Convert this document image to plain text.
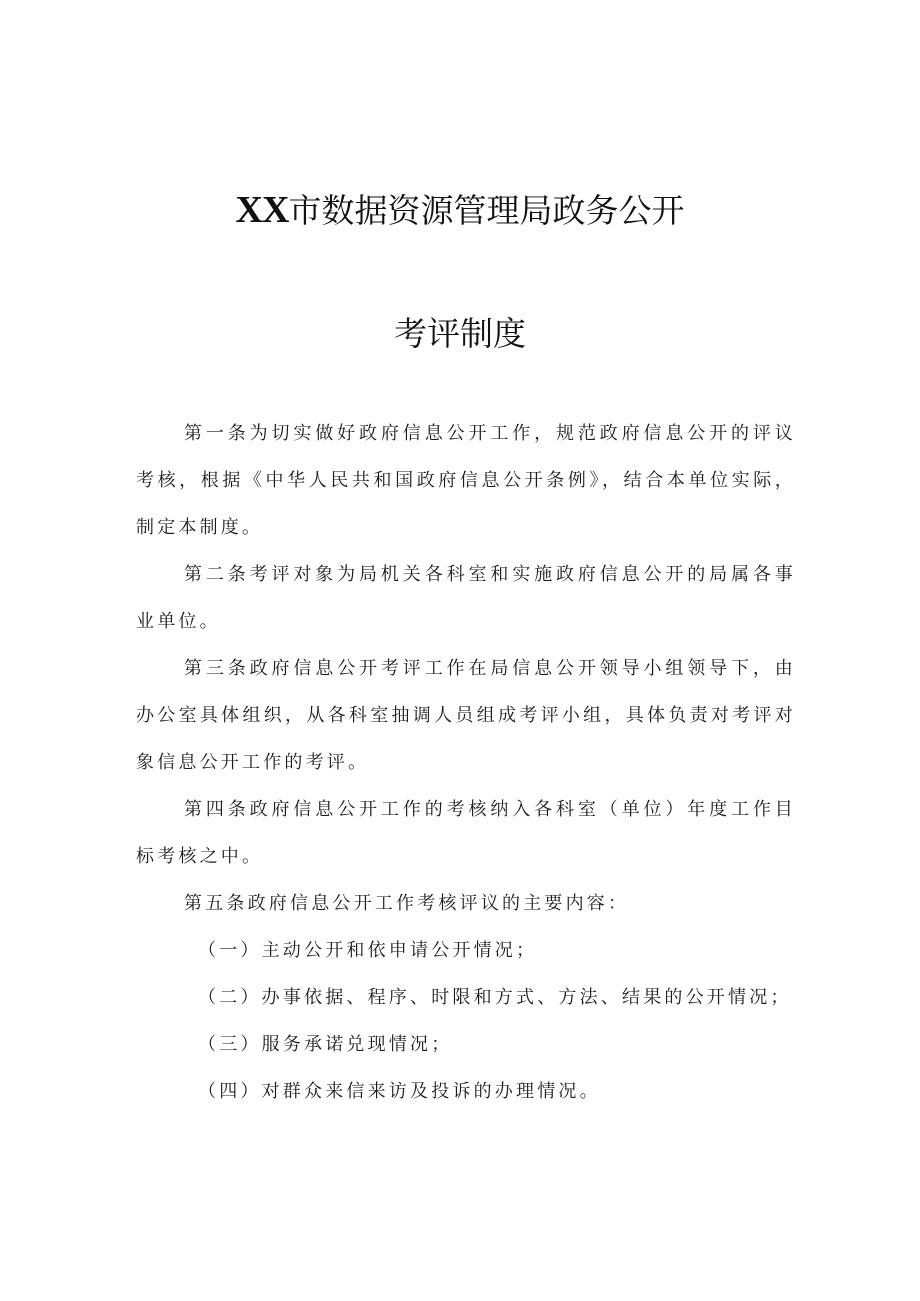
XX市数据资源管理局政务公开
考评制度

第一条为切实做好政府信息公开工作，规范政府信息公开的评议考核，根据《中华人民共和国政府信息公开条例》，结合本单位实际，制定本制度。

第二条考评对象为局机关各科室和实施政府信息公开的局属各事业单位。

第三条政府信息公开考评工作在局信息公开领导小组领导下，由办公室具体组织，从各科室抽调人员组成考评小组，具体负责对考评对象信息公开工作的考评。

第四条政府信息公开工作的考核纳入各科室（单位）年度工作目标考核之中。

第五条政府信息公开工作考核评议的主要内容：

（一）主动公开和依申请公开情况；

（二）办事依据、程序、时限和方式、方法、结果的公开情况；

（三）服务承诺兑现情况；

（四）对群众来信来访及投诉的办理情况。
